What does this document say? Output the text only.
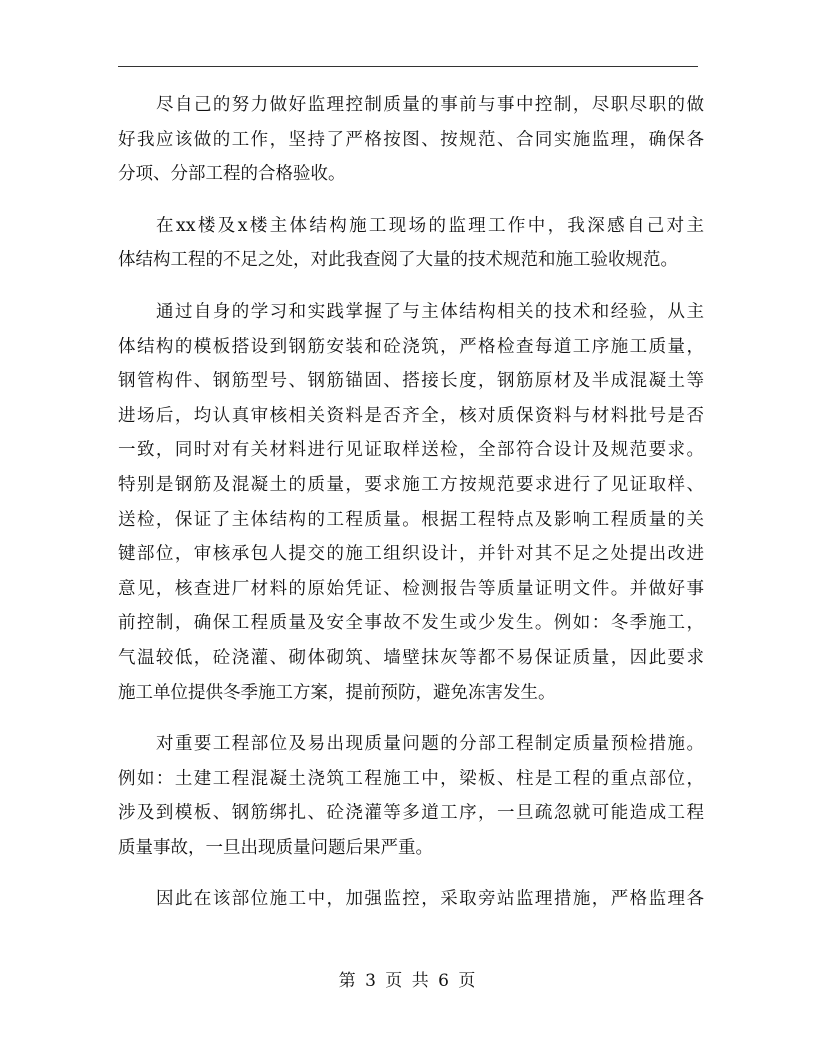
尽自己的努力做好监理控制质量的事前与事中控制，尽职尽职的做
好我应该做的工作，坚持了严格按图、按规范、合同实施监理，确保各
分项、分部工程的合格验收。
在xx楼及x楼主体结构施工现场的监理工作中，我深感自己对主
体结构工程的不足之处，对此我查阅了大量的技术规范和施工验收规范。
通过自身的学习和实践掌握了与主体结构相关的技术和经验，从主
体结构的模板搭设到钢筋安装和砼浇筑，严格检查每道工序施工质量，
钢管构件、钢筋型号、钢筋锚固、搭接长度，钢筋原材及半成混凝土等
进场后，均认真审核相关资料是否齐全，核对质保资料与材料批号是否
一致，同时对有关材料进行见证取样送检，全部符合设计及规范要求。
特别是钢筋及混凝土的质量，要求施工方按规范要求进行了见证取样、
送检，保证了主体结构的工程质量。根据工程特点及影响工程质量的关
键部位，审核承包人提交的施工组织设计，并针对其不足之处提出改进
意见，核查进厂材料的原始凭证、检测报告等质量证明文件。并做好事
前控制，确保工程质量及安全事故不发生或少发生。例如：冬季施工，
气温较低，砼浇灌、砌体砌筑、墙壁抹灰等都不易保证质量，因此要求
施工单位提供冬季施工方案，提前预防，避免冻害发生。
对重要工程部位及易出现质量问题的分部工程制定质量预检措施。
例如：土建工程混凝土浇筑工程施工中，梁板、柱是工程的重点部位，
涉及到模板、钢筋绑扎、砼浇灌等多道工序，一旦疏忽就可能造成工程
质量事故，一旦出现质量问题后果严重。
因此在该部位施工中，加强监控，采取旁站监理措施，严格监理各
第 3 页 共 6 页
